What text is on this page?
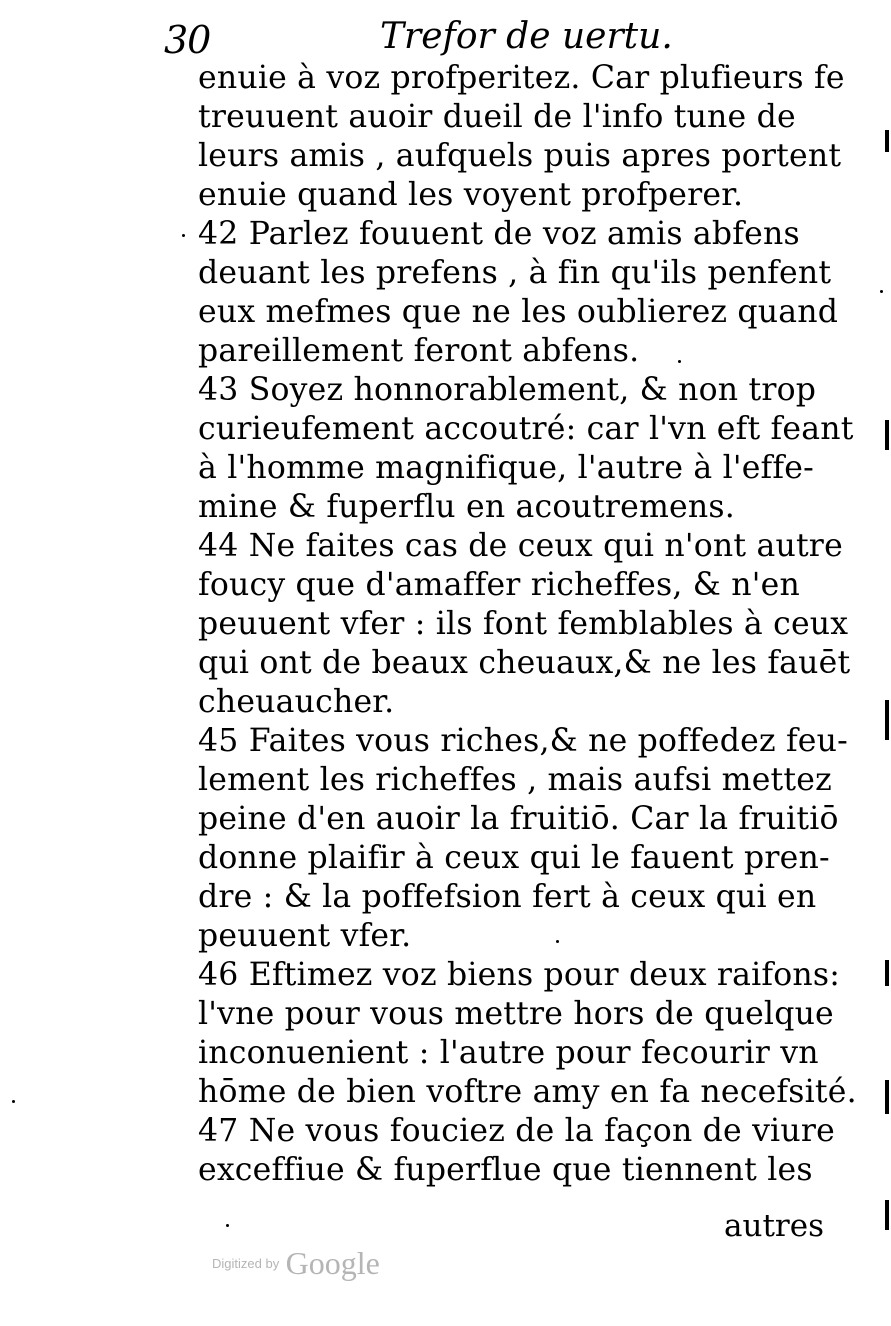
30	Trefor de uertu.
enuie à voz profperitez. Car plufieurs fe
treuuent auoir dueil de l'info tune de
leurs amis , aufquels puis apres portent
enuie quand les voyent profperer.
42 Parlez fouuent de voz amis abfens
deuant les prefens , à fin qu'ils penfent
eux mefmes que ne les oublierez quand
pareillement feront abfens.
43 Soyez honnorablement, & non trop
curieufement accoutré: car l'vn eft feant
à l'homme magnifique, l'autre à l'effe-
mine & fuperflu en acoutremens.
44 Ne faites cas de ceux qui n'ont autre
foucy que d'amaffer richeffes, & n'en
peuuent vfer : ils font femblables à ceux
qui ont de beaux cheuaux,& ne les fauēt
cheuaucher.
45 Faites vous riches,& ne poffedez feu-
lement les richeffes , mais aufsi mettez
peine d'en auoir la fruitiō. Car la fruitiō
donne plaifir à ceux qui le fauent pren-
dre : & la poffefsion fert à ceux qui en
peuuent vfer.
46 Eftimez voz biens pour deux raifons:
l'vne pour vous mettre hors de quelque
inconuenient : l'autre pour fecourir vn
hōme de bien voftre amy en fa necefsité.
47 Ne vous fouciez de la façon de viure
exceffiue & fuperflue que tiennent les
autres
Digitized by Google
